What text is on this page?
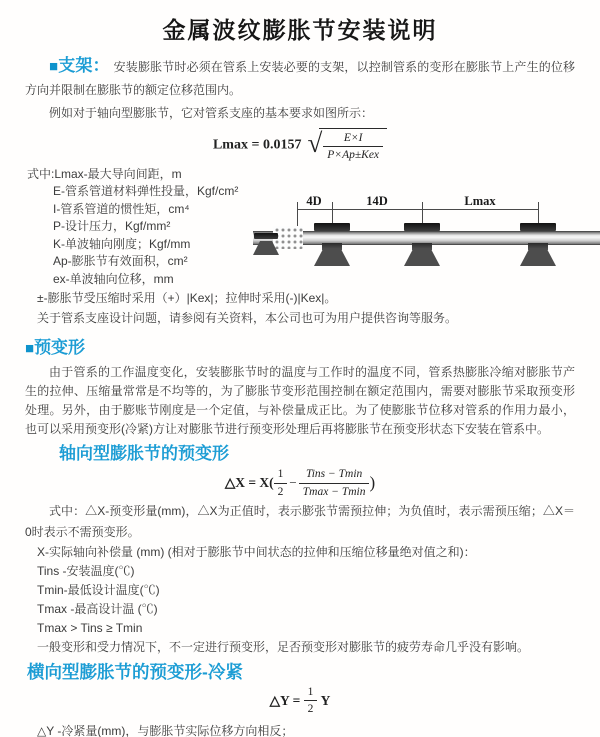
金属波纹膨胀节安装说明

■支架： 安装膨胀节时必须在管系上安装必要的支架，以控制管系的变形在膨胀节上产生的位移方向并限制在膨胀节的额定位移范围内。

例如对于轴向型膨胀节，它对管系支座的基本要求如图所示：

Lmax = 0.0157 √ $\frac{E\times I}{\text{P×Ap±Kex}}$
式中:Lmax-最大导向间距，m
E-管系管道材料弹性投量，Kgf/cm²
I-管系管道的惯性矩，cm⁴
P-设计压力，Kgf/mm²
K-单波轴向刚度；Kgf/mm
Ap-膨胀节有效面积，cm²
ex-单波轴向位移，mm

±-膨胀节受压缩时采用（+）|Kex|；拉伸时采用(-)|Kex|。

关于管系支座设计问题，请参阅有关资料，本公司也可为用户提供咨询等服务。

■预变形

由于管系的工作温度变化，安装膨胀节时的温度与工作时的温度不同，管系热膨胀冷缩对膨胀节产生的拉伸、压缩量常常是不均等的，为了膨胀节变形范围控制在额定范围内，需要对膨胀节采取预变形处理。另外，由于膨账节刚度是一个定值，与补偿量成正比。为了使膨胀节位移对管系的作用力最小，也可以采用预变形(冷紧)方让对膨胀节进行预变形处理后再将膨胀节在预变形状态下安装在管系中。

轴向型膨胀节的预变形
△X = $X( \frac{1}{2} - \frac{\text{Tins − Tmin}}{Tmax - Tmin}$ )

式中：△X-预变形量(mm)，△X为正值时，表示膨张节需预拉伸；为负值时，表示需预压缩；△X＝0时表示不需预变形。

X-实际轴向补偿量 (mm) (相对于膨胀节中间状态的拉伸和压缩位移量绝对值之和)：

Tins -安装温度(℃)

Tmin-最低设计温度(℃)

Tmax -最高设计温 (℃)

Tmax > Tins ≥ Tmin

一般变形和受力情况下，不一定进行预变形，足否预变形对膨胀节的疲劳寿命几乎没有影响。

横向型膨胀节的预变形-冷紧
△Y = $\frac{1}{2}$ Y

△Y -冷紧量(mm)，与膨胀节实际位移方向相反；

4D	14D	Lmax
